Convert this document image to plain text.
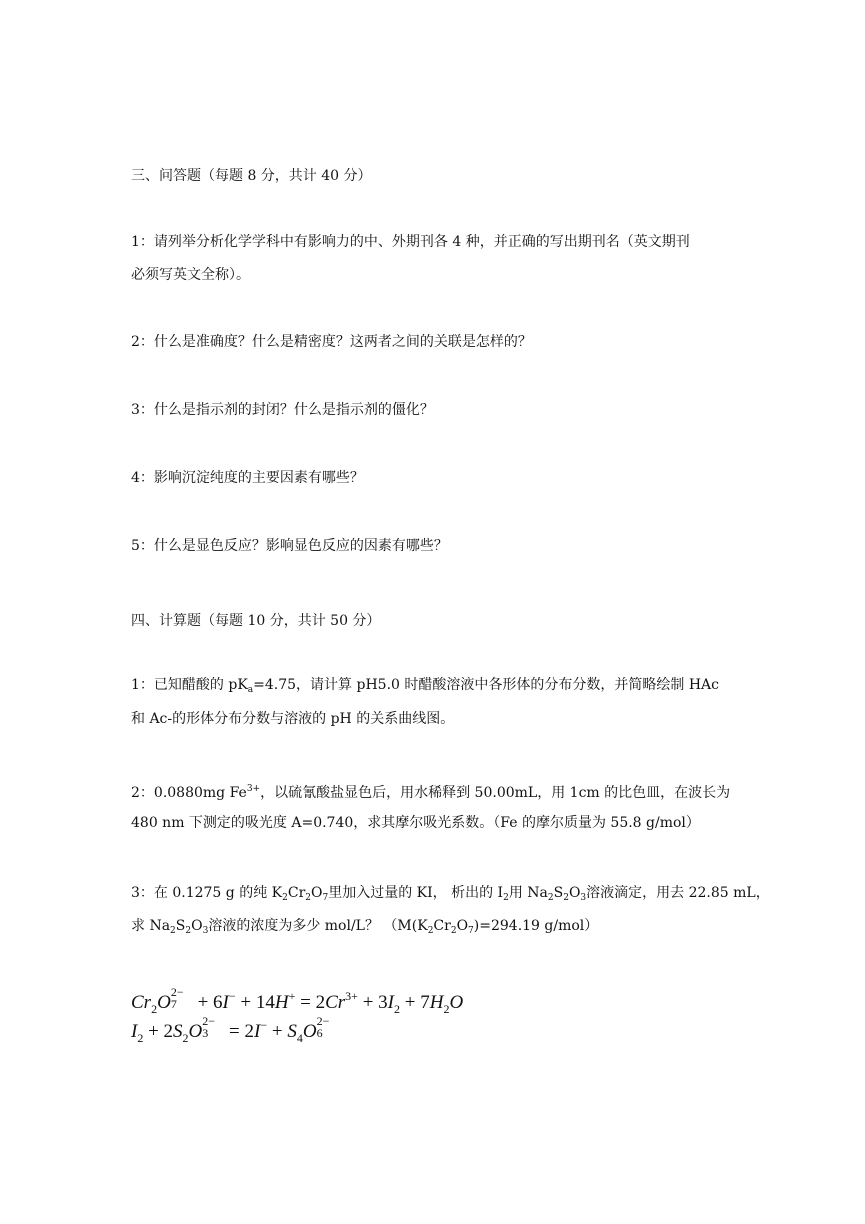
三、问答题（每题 8 分，共计 40 分）
1：请列举分析化学学科中有影响力的中、外期刊各 4 种，并正确的写出期刊名（英文期刊
必须写英文全称）。
2：什么是准确度？什么是精密度？这两者之间的关联是怎样的？
3：什么是指示剂的封闭？什么是指示剂的僵化？
4：影响沉淀纯度的主要因素有哪些？
5：什么是显色反应？影响显色反应的因素有哪些？
四、计算题（每题 10 分，共计 50 分）
1：已知醋酸的 $pK_a=4.75$，请计算 pH5.0 时醋酸溶液中各形体的分布分数，并简略绘制 HAc
和 Ac-的形体分布分数与溶液的 pH 的关系曲线图。
2：0.0880mg $Fe^{3+}$，以硫氰酸盐显色后，用水稀释到 50.00mL，用 1cm 的比色皿，在波长为
480 nm 下测定的吸光度 A=0.740，求其摩尔吸光系数。（Fe 的摩尔质量为 55.8 g/mol）
3：在 0.1275 g 的纯 $K_2Cr_2O_7$里加入过量的 KI， 析出的 $I_2$用 $Na_2S_2O_3$溶液滴定，用去 22.85 mL，
求 $Na_2S_2O_3$溶液的浓度为多少 mol/L？ （$M(K_2Cr_2O_7)=294.19$ g/mol）
$Cr_2O$ 2−
$7 + 6I^- + 14H^+ = 2Cr^{3+} + 3I_2 + 7H_2O$
$I_2 + 2S_2O$ 2−
$3 = 2I^- + S_4O$ 2−
6
